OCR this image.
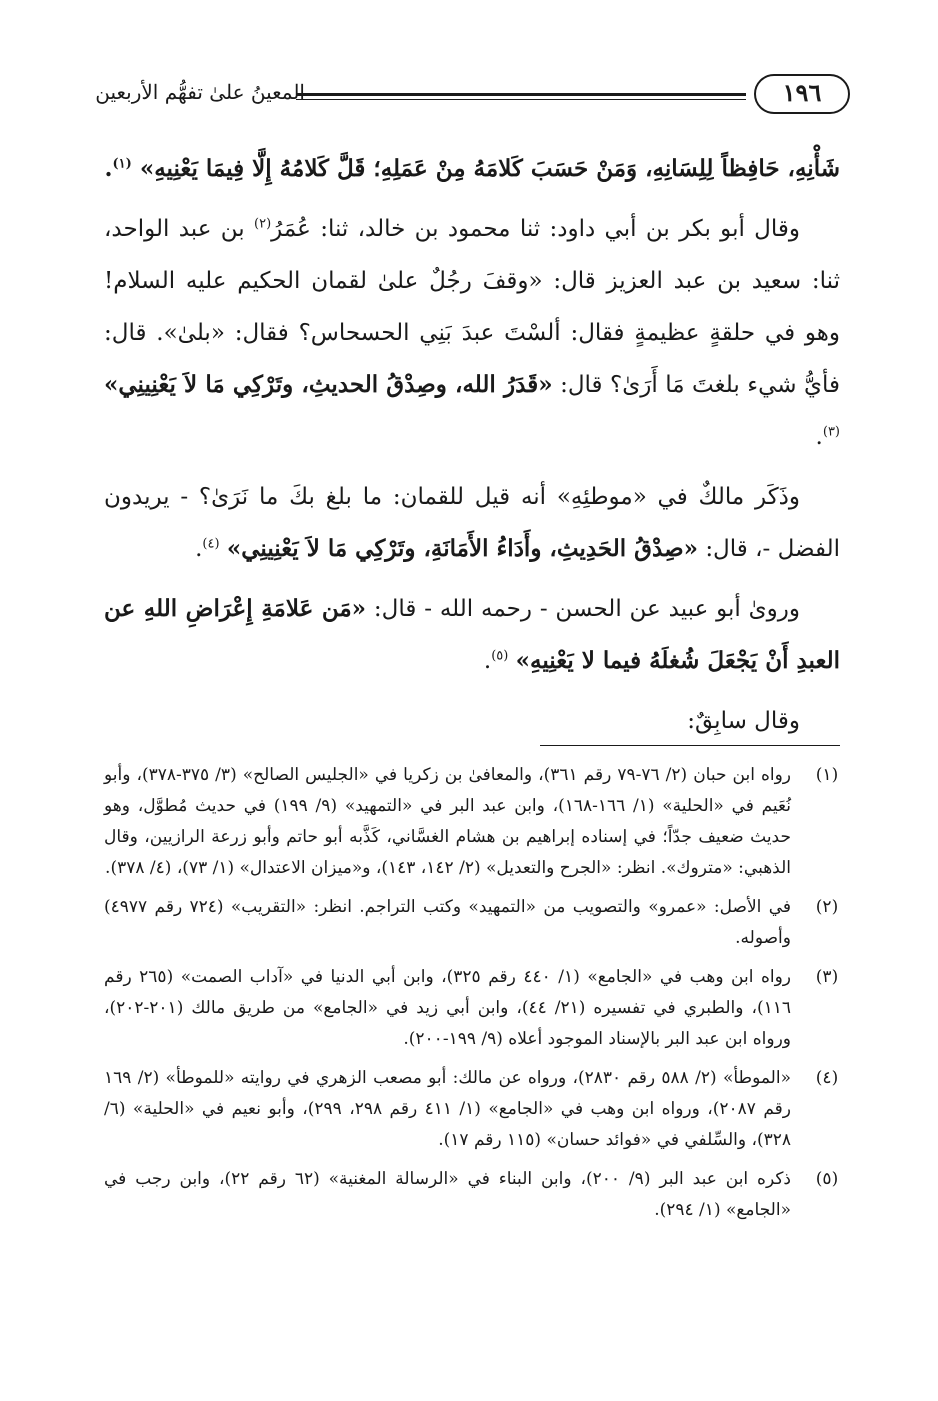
١٩٦
المعينُ علىٰ تفهُّم الأربعين

شَأْنِهِ، حَافِظاً لِلِسَانِهِ، وَمَنْ حَسَبَ كَلامَهُ مِنْ عَمَلِهِ؛ قَلَّ كَلامُهُ إِلَّا فِيمَا يَعْنِيهِ» $^{(١)}$.

وقال أبو بكر بن أبي داود: ثنا محمود بن خالد، ثنا: عُمَرُ$^{(٢)}$ بن عبد الواحد، ثنا: سعيد بن عبد العزيز قال: «وقفَ رجُلٌ علىٰ لقمان الحكيم عليه السلام! وهو في حلقةٍ عظيمةٍ فقال: ألسْتَ عبدَ بَنِي الحسحاس؟ فقال: «بلىٰ». قال: فأيُّ شيء بلغتَ مَا أَرَىٰ؟ قال: «قَدَرُ الله، وصِدْقُ الحديثِ، وتَرْكِي مَا لاَ يَعْنِينِي» $^{(٣)}$.

وذَكَر مالكٌ في «موطئِهِ» أنه قيل للقمان: ما بلغ بكَ ما نَرَىٰ؟ - يريدون الفضل -، قال: «صِدْقُ الحَدِيثِ، وأَدَاءُ الأَمَانَةِ، وتَرْكِي مَا لاَ يَعْنِينِي» $^{(٤)}$.

وروىٰ أبو عبيد عن الحسن - رحمه الله - قال: «مَن عَلامَةِ إِعْرَاضِ اللهِ عن العبدِ أَنْ يَجْعَلَ شُغلَهُ فيما لا يَعْنِيهِ» $^{(٥)}$.

وقال سابِقٌ:

(١)
رواه ابن حبان (٢/ ٧٦-٧٩ رقم ٣٦١)، والمعافىٰ بن زكريا في «الجليس الصالح» (٣/ ٣٧٥-٣٧٨)، وأبو نُعَيم في «الحلية» (١/ ١٦٦-١٦٨)، وابن عبد البر في «التمهيد» (٩/ ١٩٩) في حديث مُطوَّل، وهو حديث ضعيف جدّاً؛ في إسناده إبراهيم بن هشام الغسَّاني، كَذَّبه أبو حاتم وأبو زرعة الرازيين، وقال الذهبي: «متروك». انظر: «الجرح والتعديل» (٢/ ١٤٢، ١٤٣)، و«ميزان الاعتدال» (١/ ٧٣)، (٤/ ٣٧٨).
(٢)
في الأصل: «عمرو» والتصويب من «التمهيد» وكتب التراجم. انظر: «التقريب» (٧٢٤ رقم ٤٩٧٧) وأصوله.
(٣)
رواه ابن وهب في «الجامع» (١/ ٤٤٠ رقم ٣٢٥)، وابن أبي الدنيا في «آداب الصمت» (٢٦٥ رقم ١١٦)، والطبري في تفسيره (٢١/ ٤٤)، وابن أبي زيد في «الجامع» من طريق مالك (٢٠١-٢٠٢)، ورواه ابن عبد البر بالإسناد الموجود أعلاه (٩/ ١٩٩-٢٠٠).
(٤)
«الموطأ» (٢/ ٥٨٨ رقم ٢٨٣٠)، ورواه عن مالك: أبو مصعب الزهري في روايته «للموطأ» (٢/ ١٦٩ رقم ٢٠٨٧)، ورواه ابن وهب في «الجامع» (١/ ٤١١ رقم ٢٩٨، ٢٩٩)، وأبو نعيم في «الحلية» (٦/ ٣٢٨)، والسِّلفي في «فوائد حسان» (١١٥ رقم ١٧).
(٥)
ذكره ابن عبد البر (٩/ ٢٠٠)، وابن البناء في «الرسالة المغنية» (٦٢ رقم ٢٢)، وابن رجب في «الجامع» (١/ ٢٩٤).
